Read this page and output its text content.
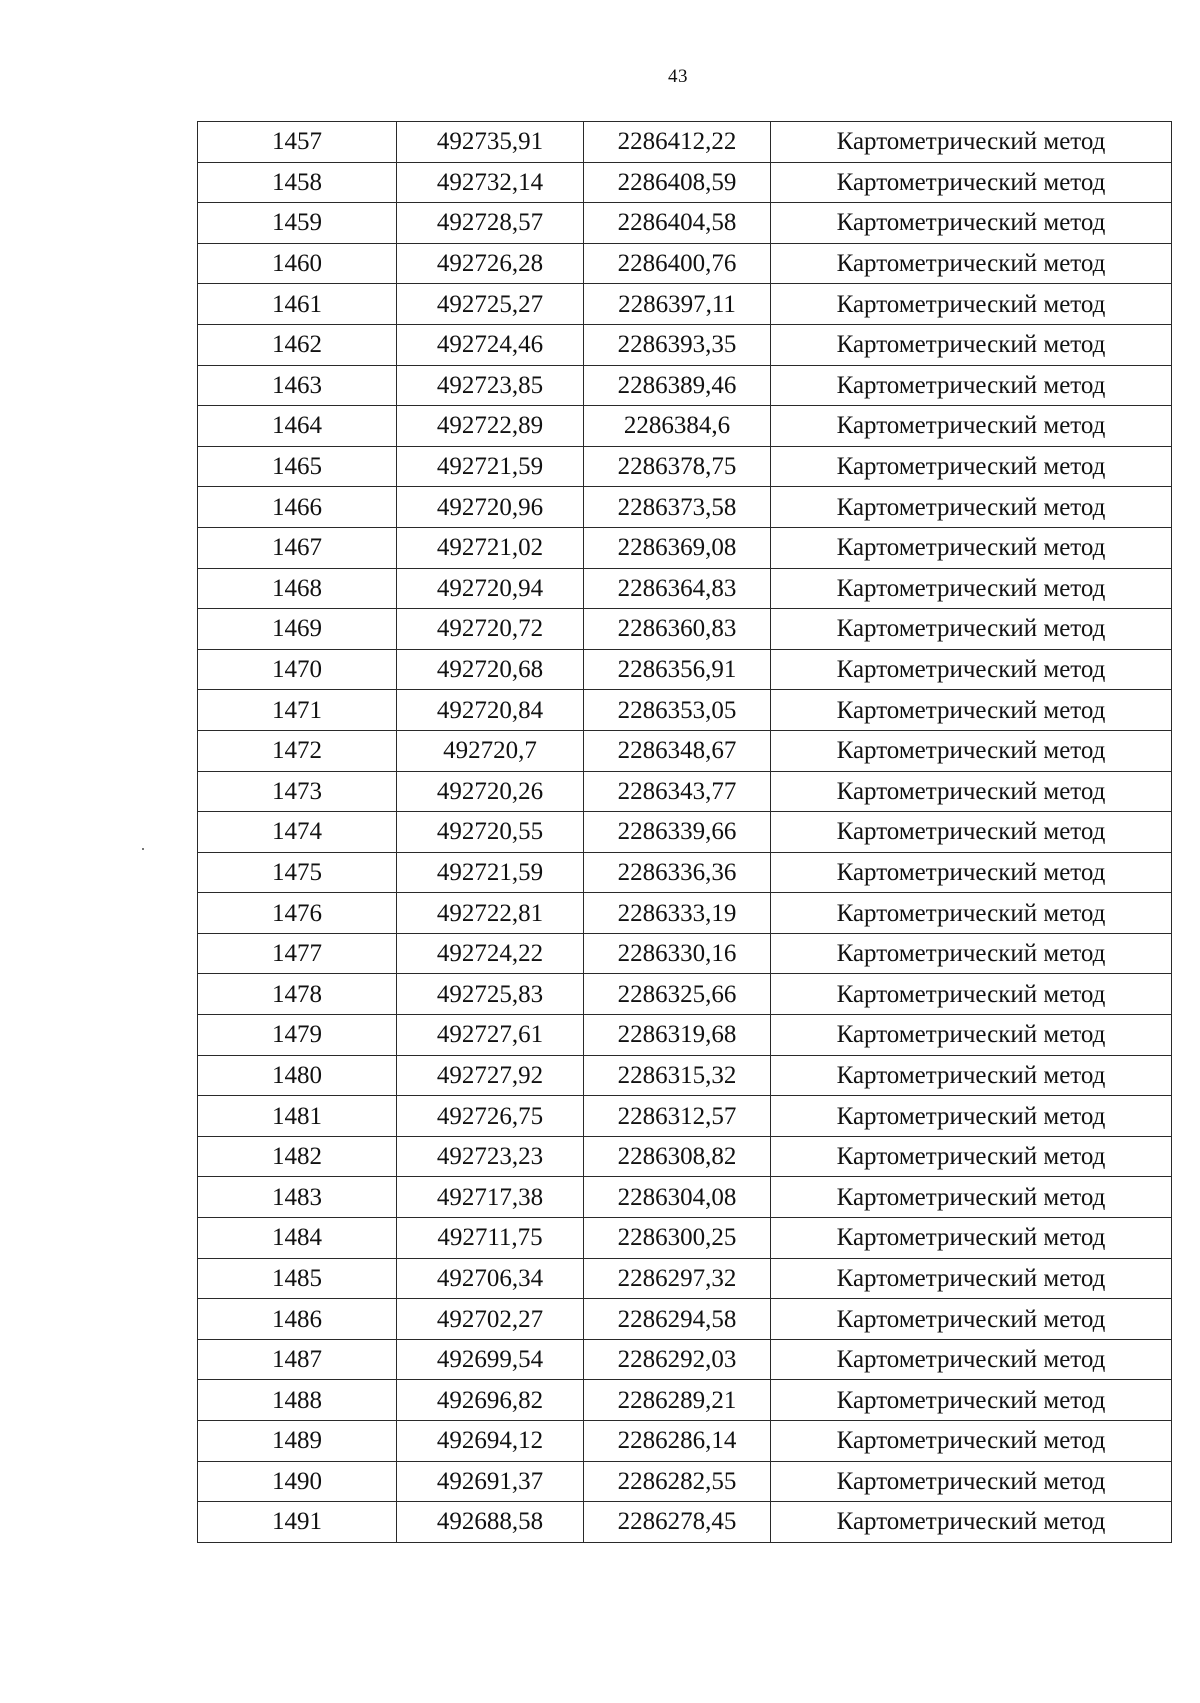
43
1457	492735,91	2286412,22	Картометрический метод
1458	492732,14	2286408,59	Картометрический метод
1459	492728,57	2286404,58	Картометрический метод
1460	492726,28	2286400,76	Картометрический метод
1461	492725,27	2286397,11	Картометрический метод
1462	492724,46	2286393,35	Картометрический метод
1463	492723,85	2286389,46	Картометрический метод
1464	492722,89	2286384,6	Картометрический метод
1465	492721,59	2286378,75	Картометрический метод
1466	492720,96	2286373,58	Картометрический метод
1467	492721,02	2286369,08	Картометрический метод
1468	492720,94	2286364,83	Картометрический метод
1469	492720,72	2286360,83	Картометрический метод
1470	492720,68	2286356,91	Картометрический метод
1471	492720,84	2286353,05	Картометрический метод
1472	492720,7	2286348,67	Картометрический метод
1473	492720,26	2286343,77	Картометрический метод
1474	492720,55	2286339,66	Картометрический метод
1475	492721,59	2286336,36	Картометрический метод
1476	492722,81	2286333,19	Картометрический метод
1477	492724,22	2286330,16	Картометрический метод
1478	492725,83	2286325,66	Картометрический метод
1479	492727,61	2286319,68	Картометрический метод
1480	492727,92	2286315,32	Картометрический метод
1481	492726,75	2286312,57	Картометрический метод
1482	492723,23	2286308,82	Картометрический метод
1483	492717,38	2286304,08	Картометрический метод
1484	492711,75	2286300,25	Картометрический метод
1485	492706,34	2286297,32	Картометрический метод
1486	492702,27	2286294,58	Картометрический метод
1487	492699,54	2286292,03	Картометрический метод
1488	492696,82	2286289,21	Картометрический метод
1489	492694,12	2286286,14	Картометрический метод
1490	492691,37	2286282,55	Картометрический метод
1491	492688,58	2286278,45	Картометрический метод
